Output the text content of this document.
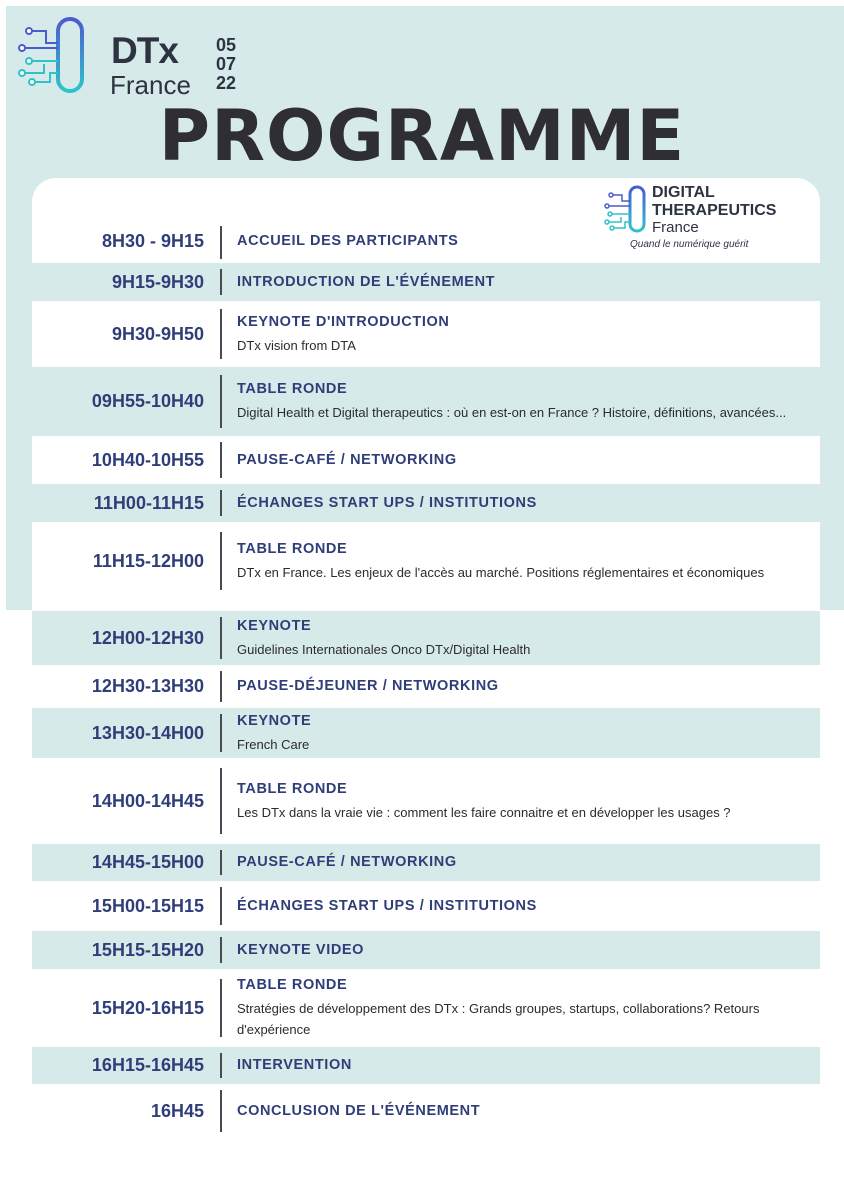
DTx
France
05
07
22
PROGRAMME
DIGITAL
THERAPEUTICS
France
Quand le numérique guérit
8H30 - 9H15 ACCUEIL DES PARTICIPANTS
9H15-9H30 INTRODUCTION DE L'ÉVÉNEMENT
9H30-9H50
KEYNOTE D'INTRODUCTION
DTx vision from DTA
09H55-10H40
TABLE RONDE
Digital Health et Digital therapeutics : où en est-on en France ? Histoire, définitions, avancées...
10H40-10H55 PAUSE-CAFÉ / NETWORKING
11H00-11H15 ÉCHANGES START UPS / INSTITUTIONS
11H15-12H00
TABLE RONDE
DTx en France. Les enjeux de l'accès au marché. Positions réglementaires et économiques
12H00-12H30
KEYNOTE
Guidelines Internationales Onco DTx/Digital Health
12H30-13H30 PAUSE-DÉJEUNER / NETWORKING
13H30-14H00
KEYNOTE
French Care
14H00-14H45
TABLE RONDE
Les DTx dans la vraie vie : comment les faire connaitre et en développer les usages ?
14H45-15H00 PAUSE-CAFÉ / NETWORKING
15H00-15H15 ÉCHANGES START UPS / INSTITUTIONS
15H15-15H20 KEYNOTE VIDEO
15H20-16H15
TABLE RONDE
Stratégies de développement des DTx : Grands groupes, startups, collaborations? Retours d'expérience
16H15-16H45 INTERVENTION
16H45 CONCLUSION DE L'ÉVÉNEMENT
